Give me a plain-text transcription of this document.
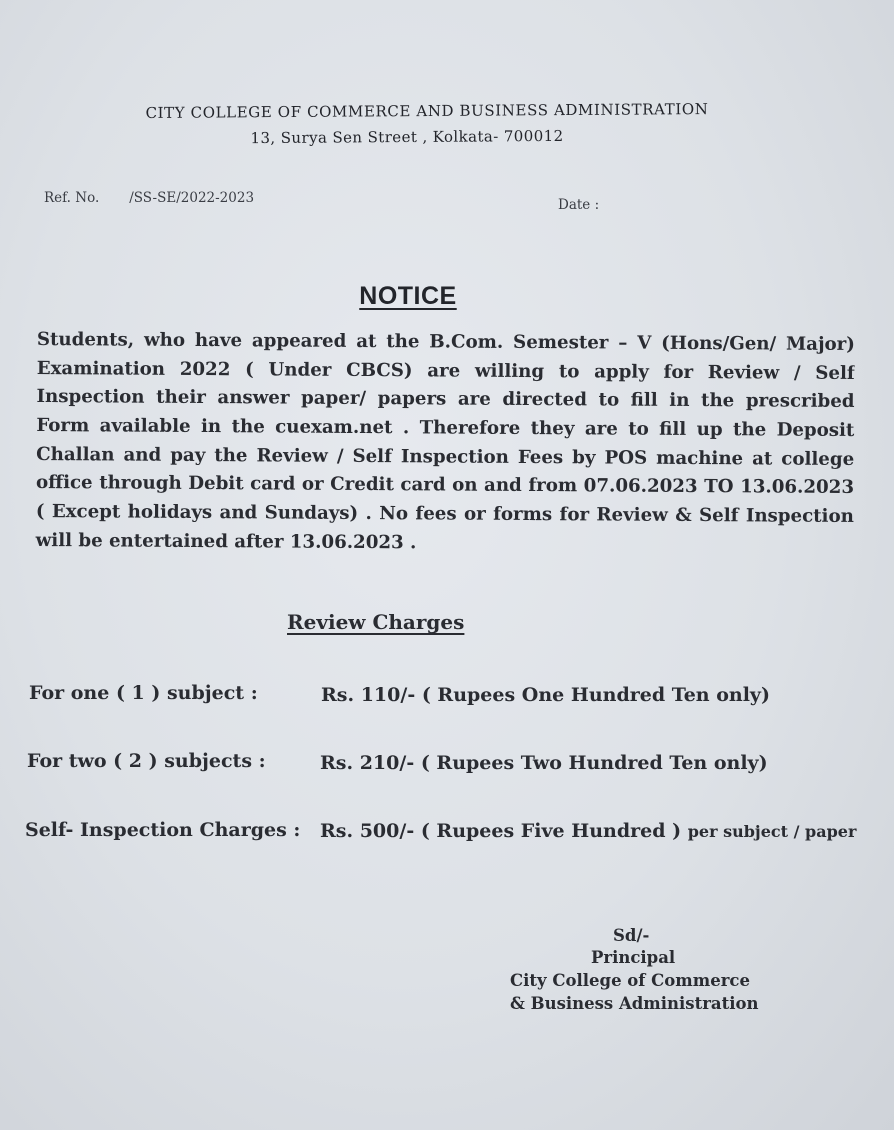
CITY COLLEGE OF COMMERCE AND BUSINESS ADMINISTRATION
13, Surya Sen Street , Kolkata- 700012
Ref. No. /SS-SE/2022-2023	Date :
NOTICE
Students, who have appeared at the B.Com. Semester – V (Hons/Gen/ Major)
Examination 2022 ( Under CBCS) are willing to apply for Review / Self
Inspection their answer paper/ papers are directed to fill in the prescribed
Form available in the cuexam.net . Therefore they are to fill up the Deposit
Challan and pay the Review / Self Inspection Fees by POS machine at college
office through Debit card or Credit card on and from 07.06.2023 TO 13.06.2023
( Except holidays and Sundays) . No fees or forms for Review & Self Inspection
will be entertained after 13.06.2023 .
Review Charges
For one ( 1 ) subject :	Rs. 110/- ( Rupees One Hundred Ten only)
For two ( 2 ) subjects :	Rs. 210/- ( Rupees Two Hundred Ten only)
Self- Inspection Charges : Rs. 500/- ( Rupees Five Hundred ) per subject / paper
Sd/-
Principal
City College of Commerce
& Business Administration
